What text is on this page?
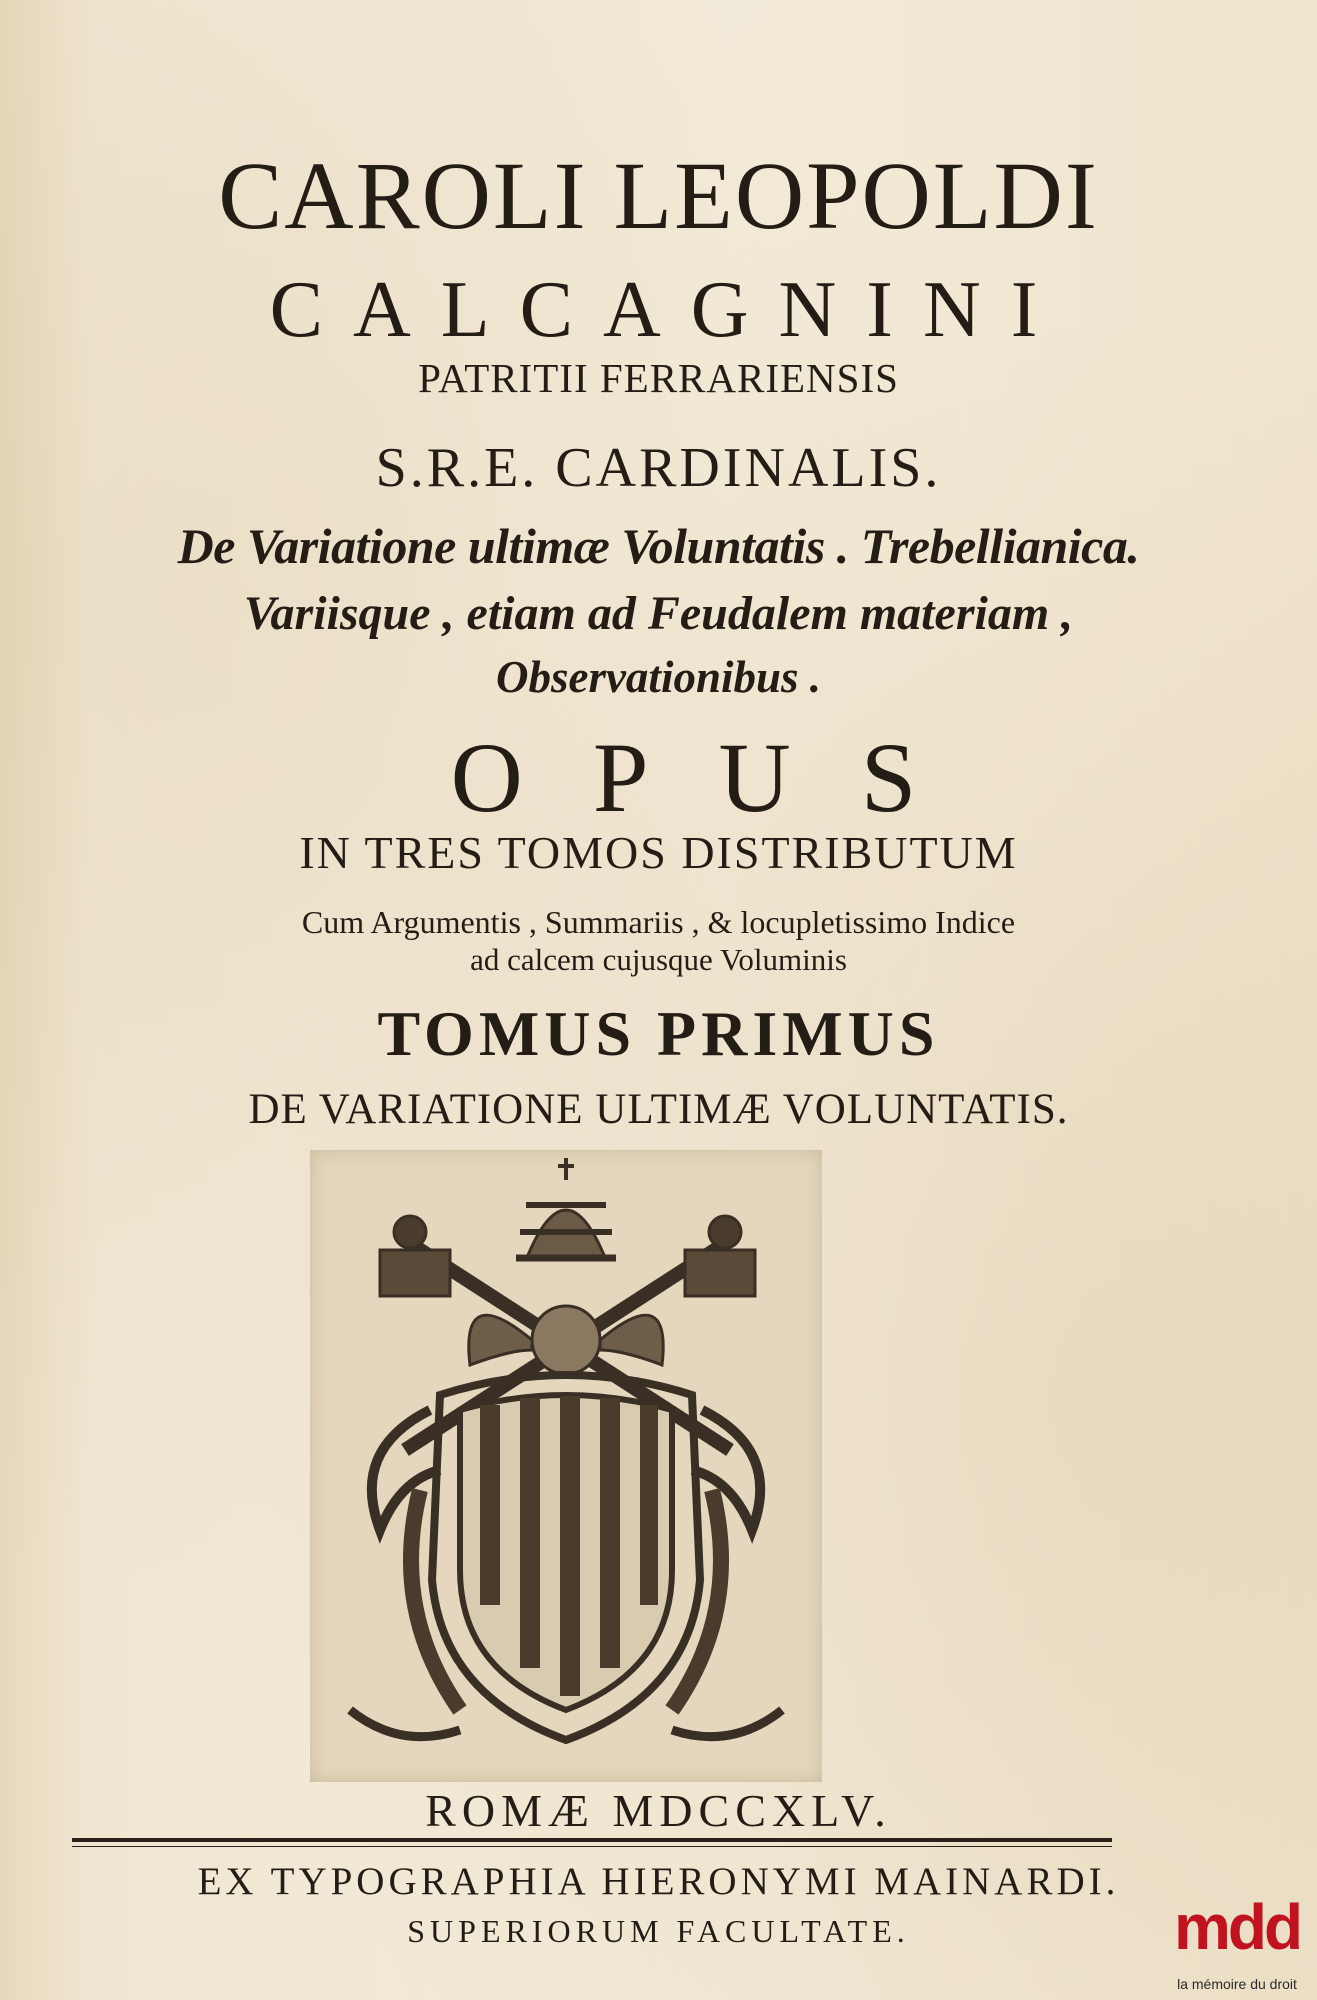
CAROLI LEOPOLDI
CALCAGNINI
PATRITII FERRARIENSIS
S.R.E. CARDINALIS.
De Variatione ultimæ Voluntatis . Trebellianica.
Variisque , etiam ad Feudalem materiam ,
Observationibus .
OPUS
IN TRES TOMOS DISTRIBUTUM
Cum Argumentis , Summariis , & locupletissimo Indice
ad calcem cujusque Voluminis
TOMUS PRIMUS
DE VARIATIONE ULTIMÆ VOLUNTATIS.
ROMÆ MDCCXLV.
EX TYPOGRAPHIA HIERONYMI MAINARDI.
SUPERIORUM FACULTATE.	mdd
la mémoire du droit
